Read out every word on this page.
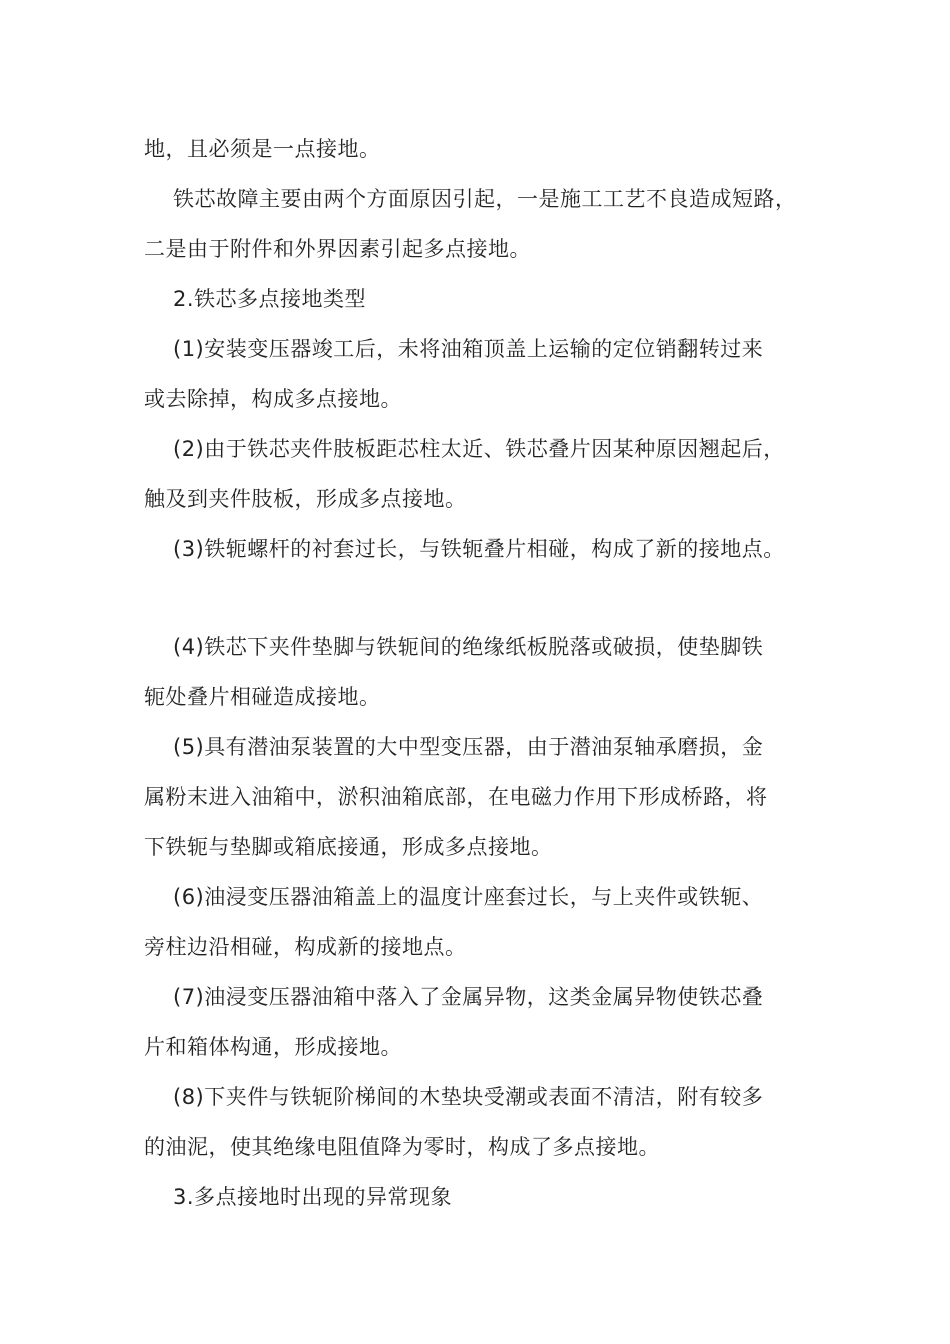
地，且必须是一点接地。
铁芯故障主要由两个方面原因引起，一是施工工艺不良造成短路，
二是由于附件和外界因素引起多点接地。
2.铁芯多点接地类型
(1)安装变压器竣工后，未将油箱顶盖上运输的定位销翻转过来
或去除掉，构成多点接地。
(2)由于铁芯夹件肢板距芯柱太近、铁芯叠片因某种原因翘起后，
触及到夹件肢板，形成多点接地。
(3)铁轭螺杆的衬套过长，与铁轭叠片相碰，构成了新的接地点。
(4)铁芯下夹件垫脚与铁轭间的绝缘纸板脱落或破损，使垫脚铁
轭处叠片相碰造成接地。
(5)具有潜油泵装置的大中型变压器，由于潜油泵轴承磨损，金
属粉末进入油箱中，淤积油箱底部，在电磁力作用下形成桥路，将
下铁轭与垫脚或箱底接通，形成多点接地。
(6)油浸变压器油箱盖上的温度计座套过长，与上夹件或铁轭、
旁柱边沿相碰，构成新的接地点。
(7)油浸变压器油箱中落入了金属异物，这类金属异物使铁芯叠
片和箱体构通，形成接地。
(8)下夹件与铁轭阶梯间的木垫块受潮或表面不清洁，附有较多
的油泥，使其绝缘电阻值降为零时，构成了多点接地。
3.多点接地时出现的异常现象
